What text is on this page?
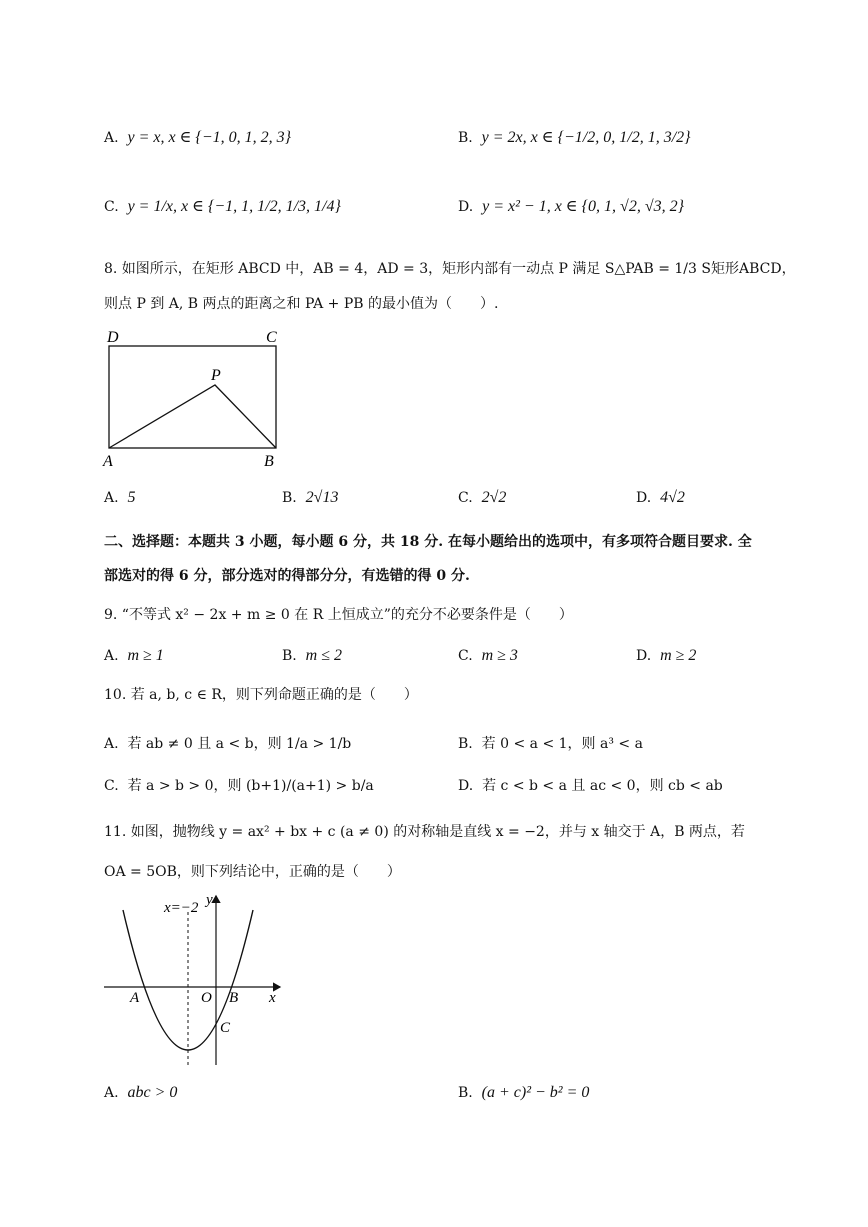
A. y = x, x ∈ {−1, 0, 1, 2, 3}	B. y = 2x, x ∈ {−1/2, 0, 1/2, 1, 3/2}
C. y = 1/x, x ∈ {−1, 1, 1/2, 1/3, 1/4}	D. y = x² − 1, x ∈ {0, 1, √2, √3, 2}
8. 如图所示，在矩形 ABCD 中，AB = 4，AD = 3，矩形内部有一动点 P 满足 S△PAB = 1/3 S矩形ABCD，
则点 P 到 A, B 两点的距离之和 PA + PB 的最小值为（　　）.
D	C
P
A	B
A. 5	B. 2√13	C. 2√2	D. 4√2
二、选择题：本题共 3 小题，每小题 6 分，共 18 分. 在每小题给出的选项中，有多项符合题目要求. 全
部选对的得 6 分，部分选对的得部分分，有选错的得 0 分.
9. “不等式 x² − 2x + m ≥ 0 在 R 上恒成立”的充分不必要条件是（　　）
A. m ≥ 1	B. m ≤ 2	C. m ≥ 3	D. m ≥ 2
10. 若 a, b, c ∈ R，则下列命题正确的是（　　）
A. 若 ab ≠ 0 且 a < b，则 1/a > 1/b	B. 若 0 < a < 1，则 a³ < a
C. 若 a > b > 0，则 (b+1)/(a+1) > b/a	D. 若 c < b < a 且 ac < 0，则 cb < ab
11. 如图，抛物线 y = ax² + bx + c (a ≠ 0) 的对称轴是直线 x = −2，并与 x 轴交于 A，B 两点，若
OA = 5OB，则下列结论中，正确的是（　　）
x=−2 y
x
A	O B
C
A. abc > 0	B. (a + c)² − b² = 0
